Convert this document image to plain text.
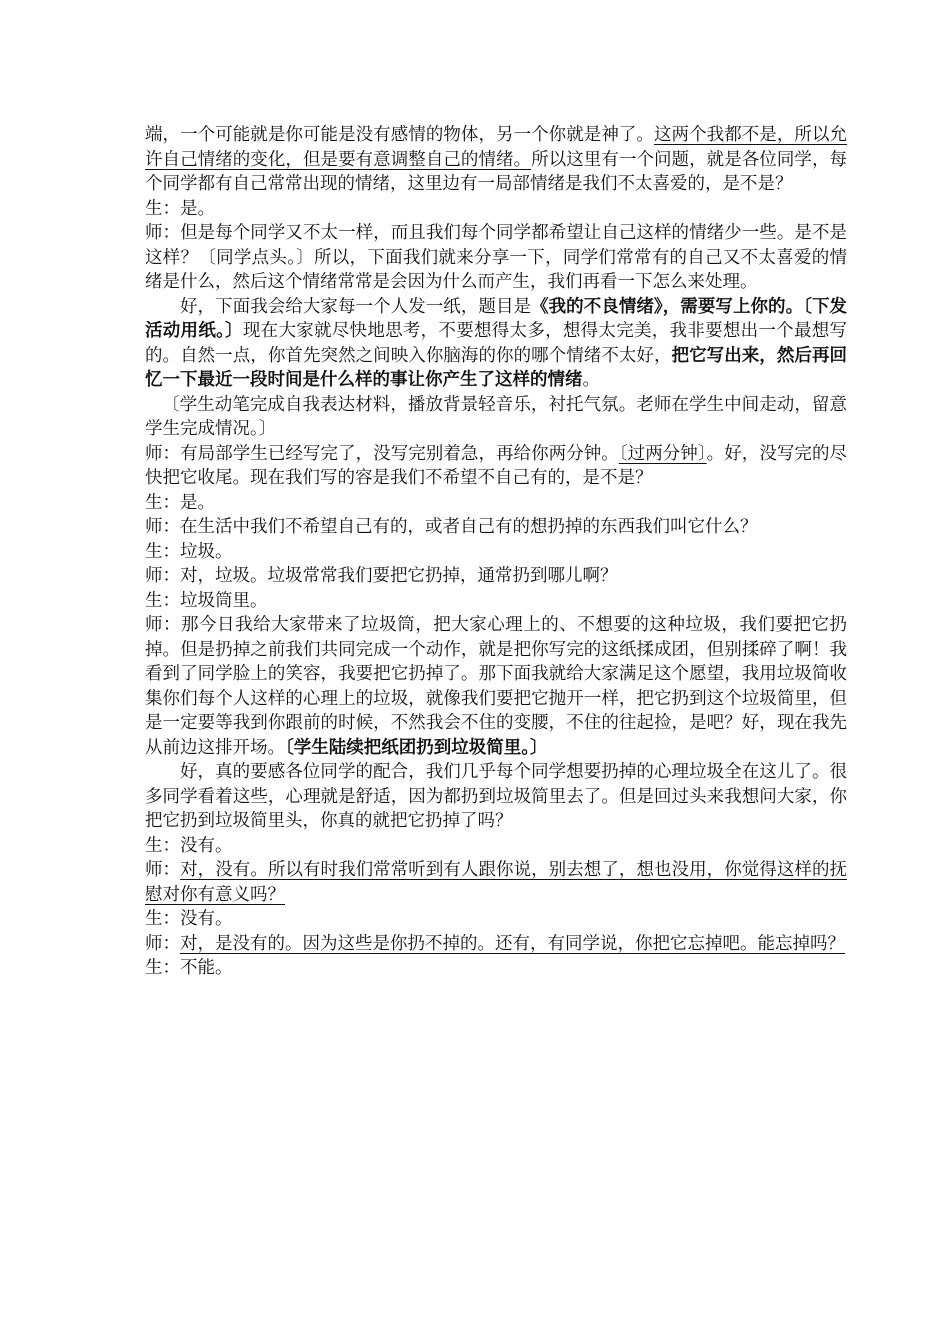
端，一个可能就是你可能是没有感情的物体，另一个你就是神了。这两个我都不是，所以允许自己情绪的变化，但是要有意调整自己的情绪。所以这里有一个问题，就是各位同学，每个同学都有自己常常出现的情绪，这里边有一局部情绪是我们不太喜爱的，是不是？

生：是。

师：但是每个同学又不太一样，而且我们每个同学都希望让自己这样的情绪少一些。是不是这样？〔同学点头。〕所以，下面我们就来分享一下，同学们常常有的自己又不太喜爱的情绪是什么，然后这个情绪常常是会因为什么而产生，我们再看一下怎么来处理。

好，下面我会给大家每一个人发一纸，题目是《我的不良情绪》，需要写上你的。〔下发活动用纸。〕现在大家就尽快地思考，不要想得太多，想得太完美，我非要想出一个最想写的。自然一点，你首先突然之间映入你脑海的你的哪个情绪不太好，把它写出来，然后再回忆一下最近一段时间是什么样的事让你产生了这样的情绪。

〔学生动笔完成自我表达材料，播放背景轻音乐，衬托气氛。老师在学生中间走动，留意学生完成情况。〕

师：有局部学生已经写完了，没写完别着急，再给你两分钟。〔过两分钟〕。好，没写完的尽快把它收尾。现在我们写的容是我们不希望不自己有的，是不是？

生：是。

师：在生活中我们不希望自己有的，或者自己有的想扔掉的东西我们叫它什么？

生：垃圾。

师：对，垃圾。垃圾常常我们要把它扔掉，通常扔到哪儿啊？

生：垃圾筒里。

师：那今日我给大家带来了垃圾筒，把大家心理上的、不想要的这种垃圾，我们要把它扔掉。但是扔掉之前我们共同完成一个动作，就是把你写完的这纸揉成团，但别揉碎了啊！我看到了同学脸上的笑容，我要把它扔掉了。那下面我就给大家满足这个愿望，我用垃圾简收集你们每个人这样的心理上的垃圾，就像我们要把它抛开一样，把它扔到这个垃圾简里，但是一定要等我到你跟前的时候，不然我会不住的变腰，不住的往起捡，是吧？好，现在我先从前边这排开场。〔学生陆续把纸团扔到垃圾简里。〕

好，真的要感各位同学的配合，我们几乎每个同学想要扔掉的心理垃圾全在这儿了。很多同学看着这些，心理就是舒适，因为都扔到垃圾简里去了。但是回过头来我想问大家，你把它扔到垃圾简里头，你真的就把它扔掉了吗？

生：没有。

师：对，没有。所以有时我们常常听到有人跟你说，别去想了，想也没用，你觉得这样的抚慰对你有意义吗？

生：没有。

师：对，是没有的。因为这些是你扔不掉的。还有，有同学说，你把它忘掉吧。能忘掉吗？

生：不能。
